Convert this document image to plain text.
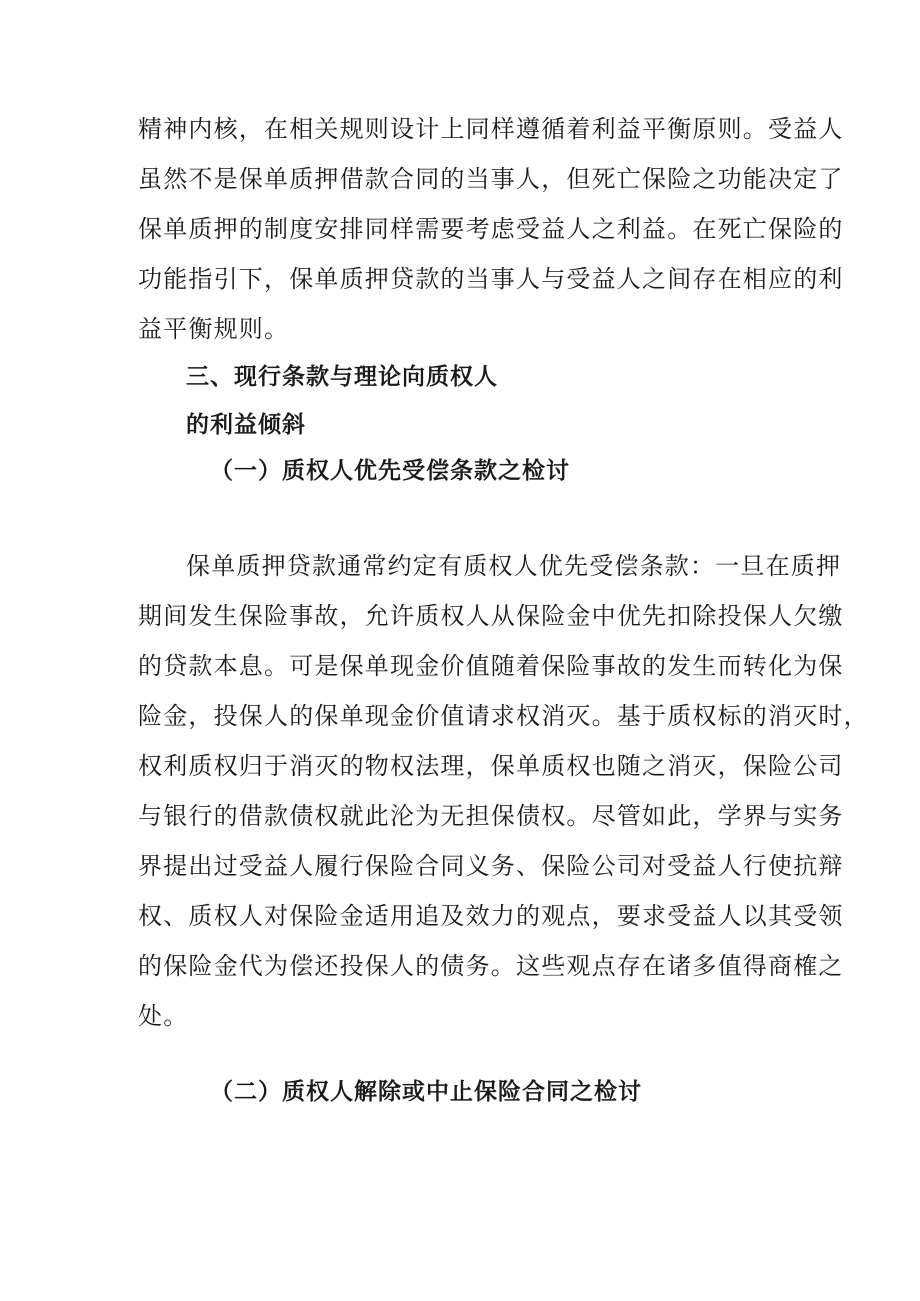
精神内核，在相关规则设计上同样遵循着利益平衡原则。受益人
虽然不是保单质押借款合同的当事人，但死亡保险之功能决定了
保单质押的制度安排同样需要考虑受益人之利益。在死亡保险的
功能指引下，保单质押贷款的当事人与受益人之间存在相应的利
益平衡规则。
三、现行条款与理论向质权人
的利益倾斜
（一）质权人优先受偿条款之检讨
保单质押贷款通常约定有质权人优先受偿条款：一旦在质押
期间发生保险事故，允许质权人从保险金中优先扣除投保人欠缴
的贷款本息。可是保单现金价值随着保险事故的发生而转化为保
险金，投保人的保单现金价值请求权消灭。基于质权标的消灭时，
权利质权归于消灭的物权法理，保单质权也随之消灭，保险公司
与银行的借款债权就此沦为无担保债权。尽管如此，学界与实务
界提出过受益人履行保险合同义务、保险公司对受益人行使抗辩
权、质权人对保险金适用追及效力的观点，要求受益人以其受领
的保险金代为偿还投保人的债务。这些观点存在诸多值得商榷之
处。
（二）质权人解除或中止保险合同之检讨
